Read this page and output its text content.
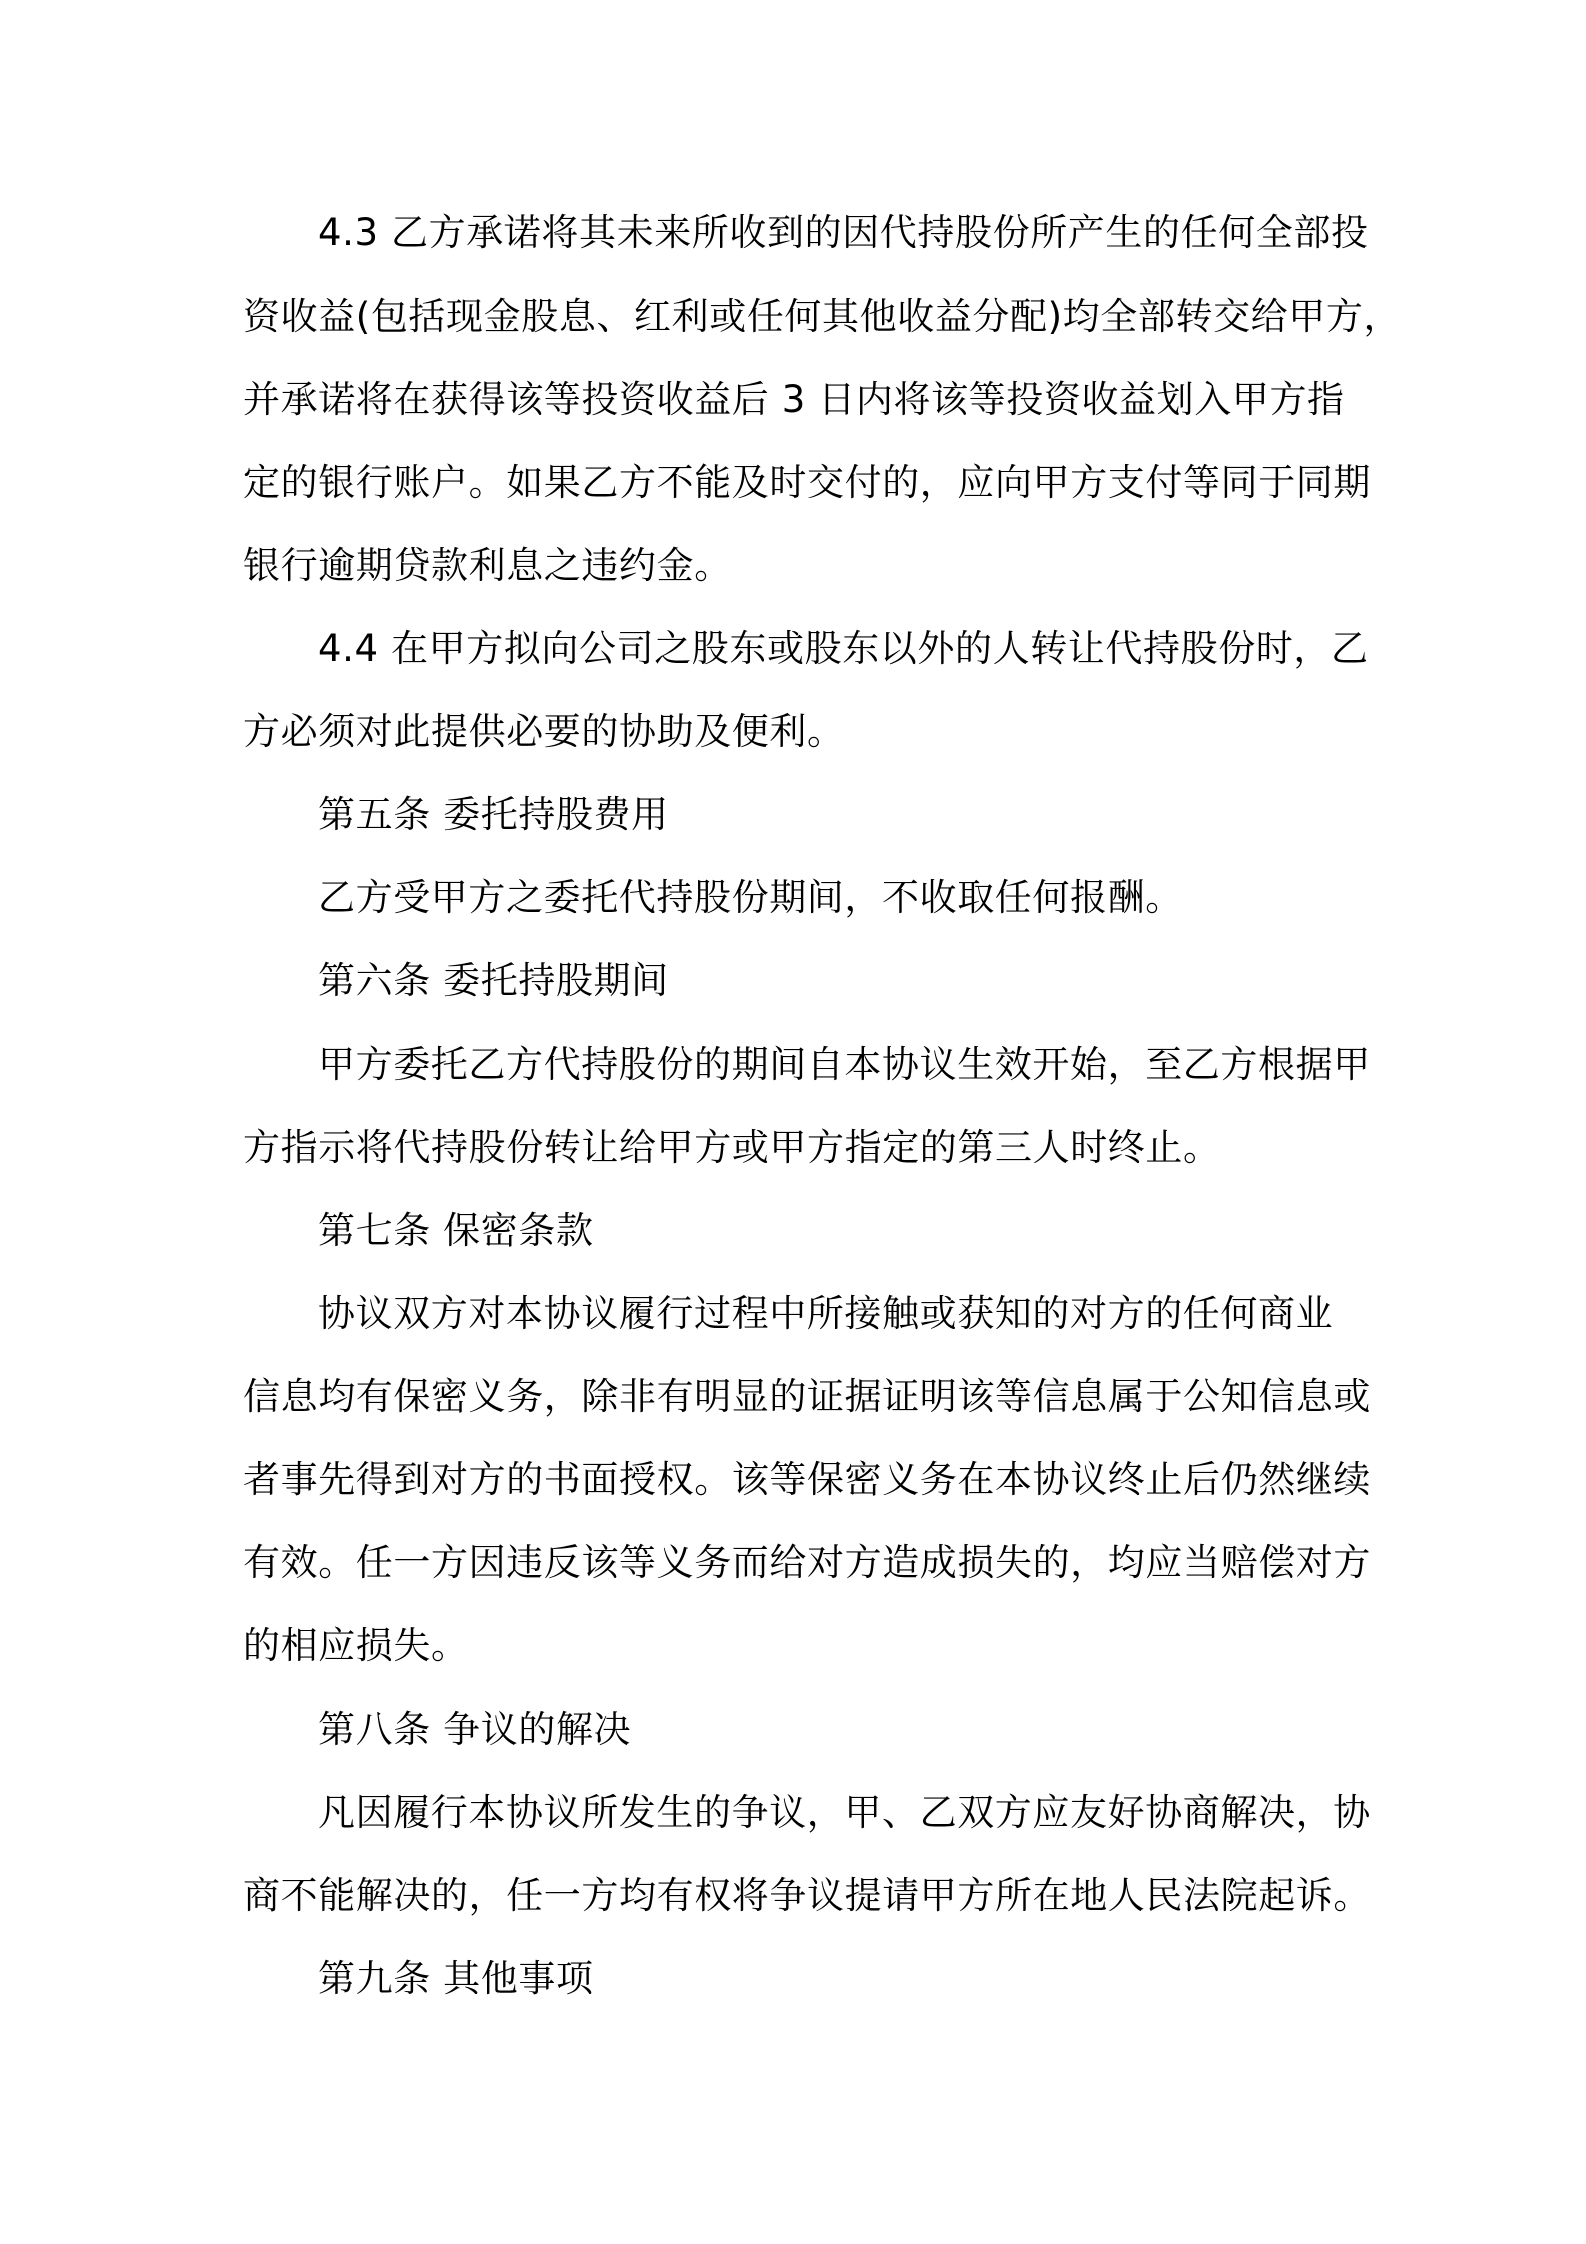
4.3 乙方承诺将其未来所收到的因代持股份所产生的任何全部投
资收益(包括现金股息、红利或任何其他收益分配)均全部转交给甲方，
并承诺将在获得该等投资收益后 3 日内将该等投资收益划入甲方指
定的银行账户。如果乙方不能及时交付的，应向甲方支付等同于同期
银行逾期贷款利息之违约金。
4.4 在甲方拟向公司之股东或股东以外的人转让代持股份时，乙
方必须对此提供必要的协助及便利。
第五条 委托持股费用
乙方受甲方之委托代持股份期间，不收取任何报酬。
第六条 委托持股期间
甲方委托乙方代持股份的期间自本协议生效开始，至乙方根据甲
方指示将代持股份转让给甲方或甲方指定的第三人时终止。
第七条 保密条款
协议双方对本协议履行过程中所接触或获知的对方的任何商业
信息均有保密义务，除非有明显的证据证明该等信息属于公知信息或
者事先得到对方的书面授权。该等保密义务在本协议终止后仍然继续
有效。任一方因违反该等义务而给对方造成损失的，均应当赔偿对方
的相应损失。
第八条 争议的解决
凡因履行本协议所发生的争议，甲、乙双方应友好协商解决，协
商不能解决的，任一方均有权将争议提请甲方所在地人民法院起诉。
第九条 其他事项
